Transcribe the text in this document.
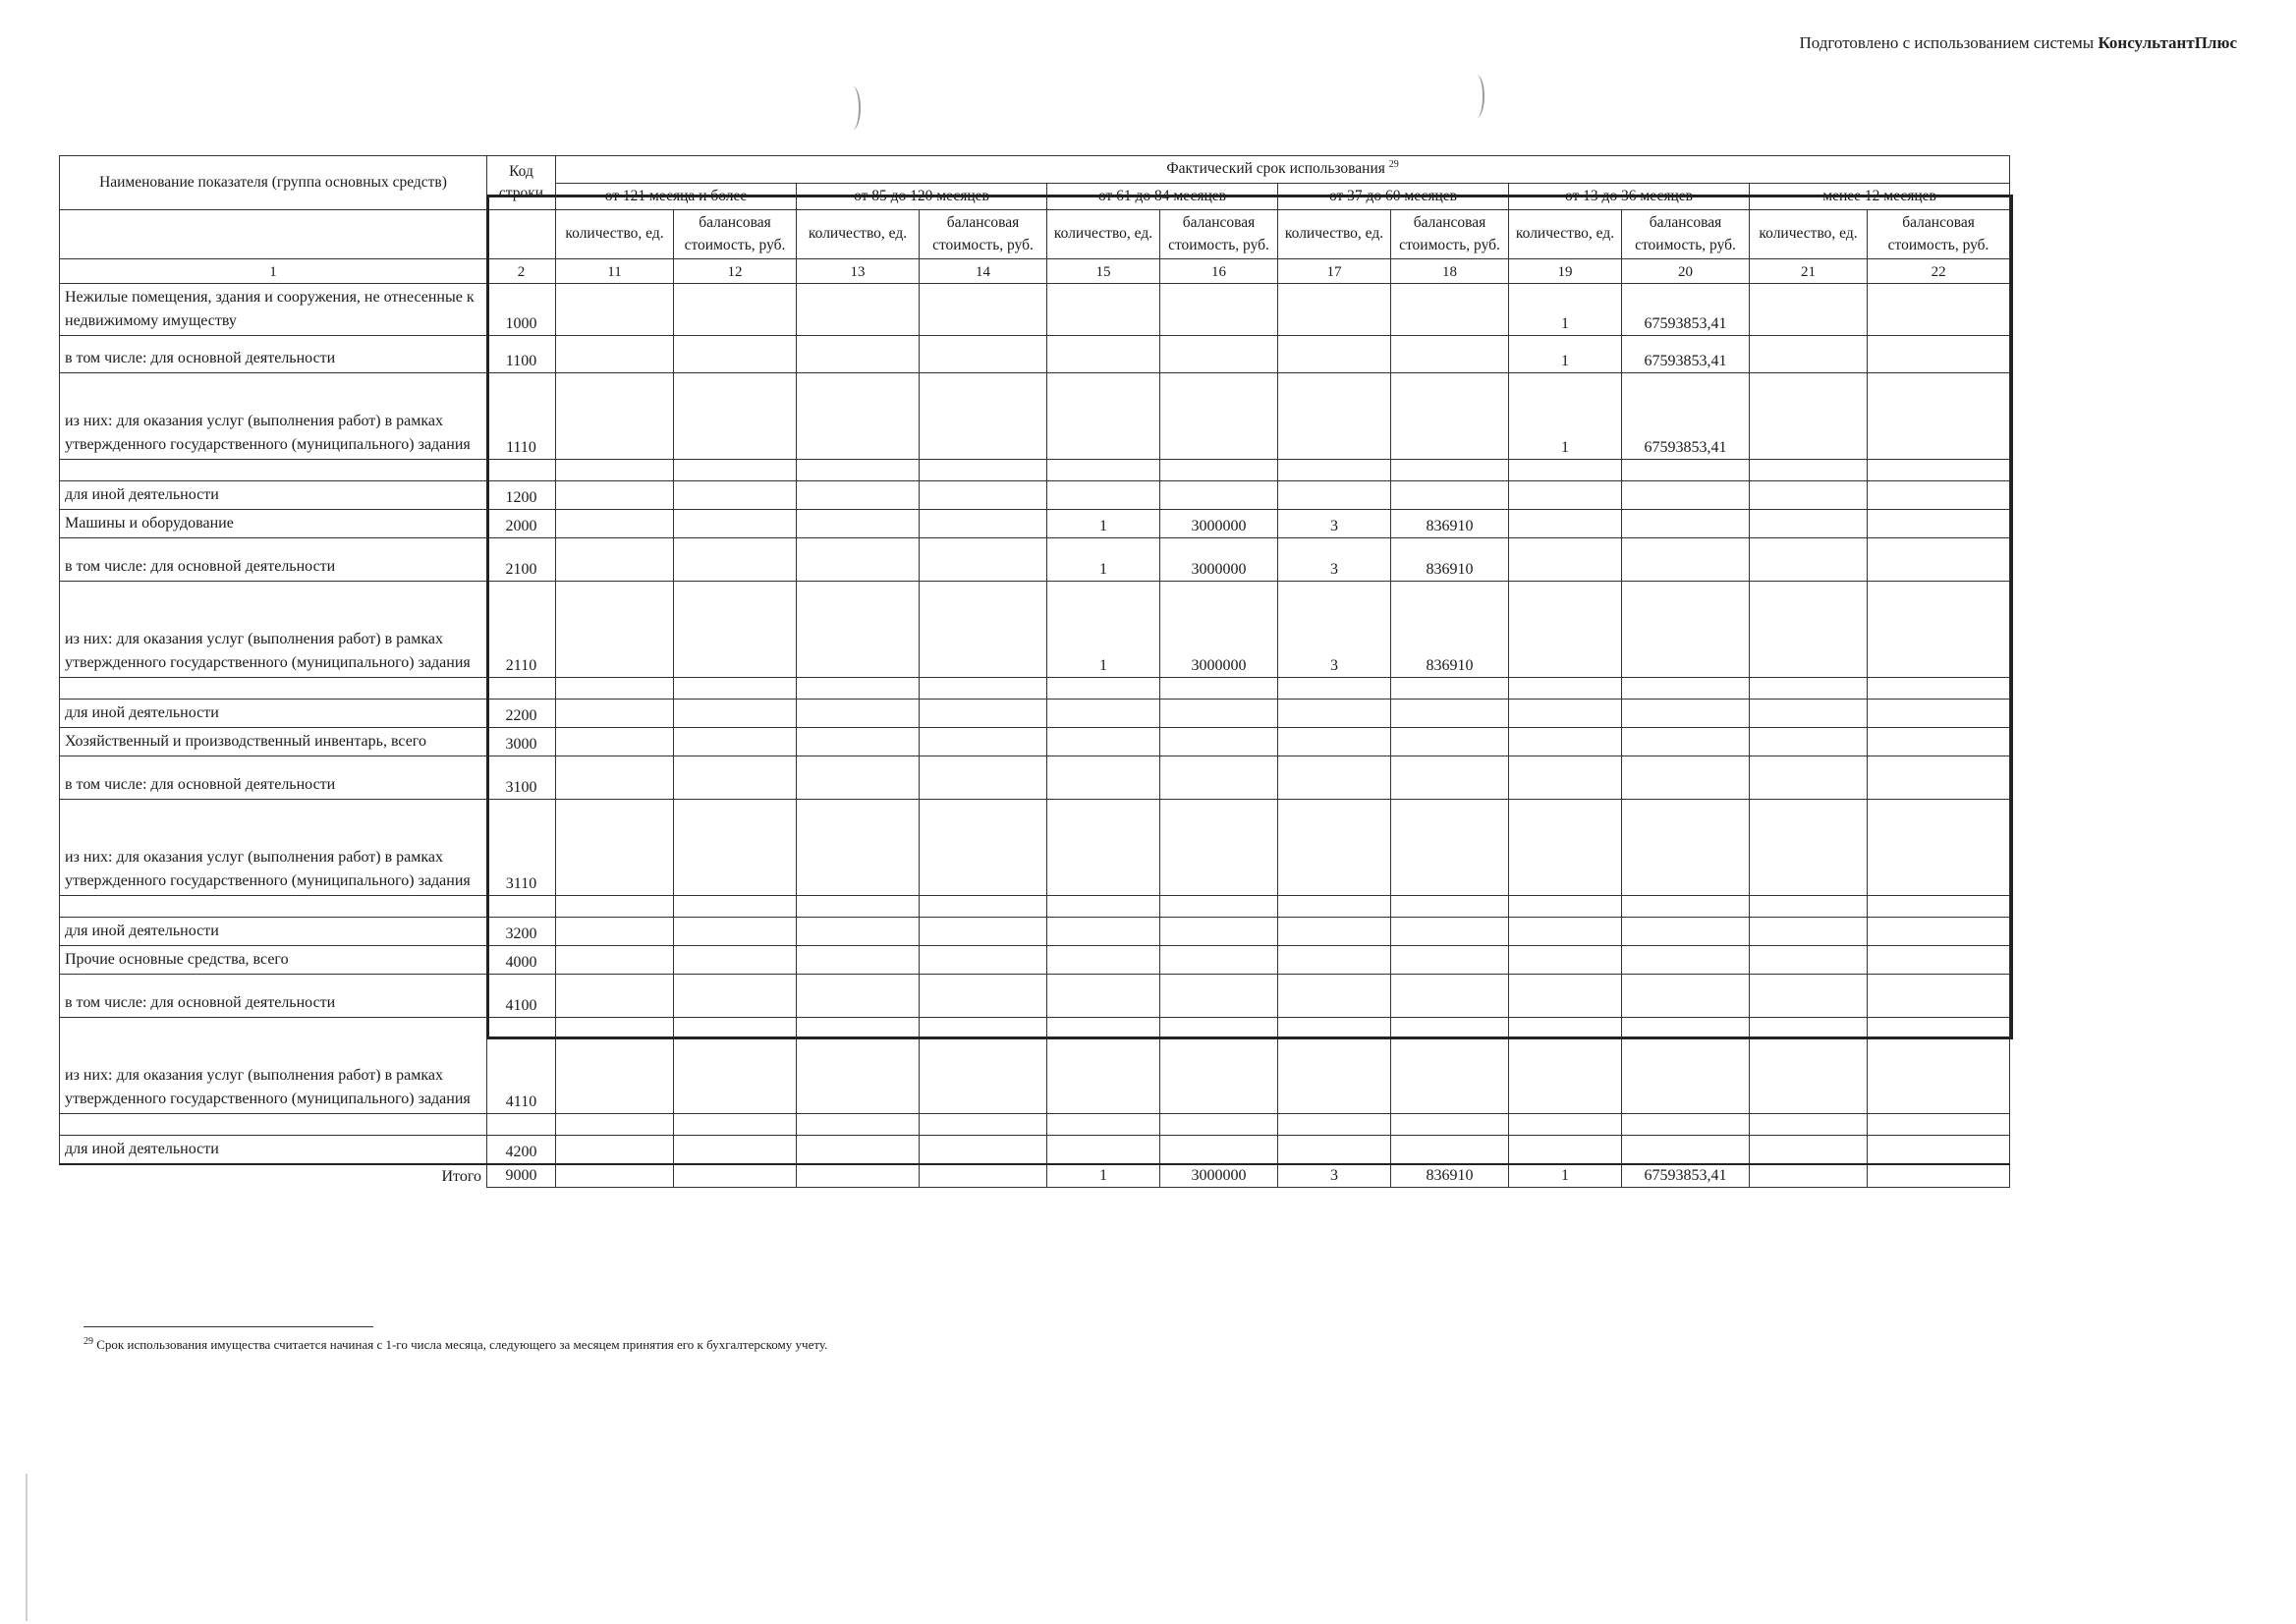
Подготовлено с использованием системы КонсультантПлюс
Наименование показателя (группа основных средств)	Код строки	Фактический срок использования $^{29}$
		от 121 месяца и более		от 85 до 120 месяцев		от 61 до 84 месяцев		от 37 до 60 месяцев		от 13 до 36 месяцев		менее 12 месяцев	
		количество, ед.	балансовая стоимость, руб.	количество, ед.	балансовая стоимость, руб.	количество, ед.	балансовая стоимость, руб.	количество, ед.	балансовая стоимость, руб.	количество, ед.	балансовая стоимость, руб.	количество, ед.	балансовая стоимость, руб.
1	2	11	12	13	14	15	16	17	18	19	20	21	22
Нежилые помещения, здания и сооружения, не отнесенные к недвижимому имуществу	1000									1	67593853,41		
в том числе: для основной деятельности	1100									1	67593853,41		
из них: для оказания услуг (выполнения работ) в рамках утвержденного государственного (муниципального) задания	1110									1	67593853,41		

для иной деятельности	1200												
Машины и оборудование	2000					1	3000000	3	836910				
в том числе: для основной деятельности	2100					1	3000000	3	836910				
из них: для оказания услуг (выполнения работ) в рамках утвержденного государственного (муниципального) задания	2110					1	3000000	3	836910				

для иной деятельности	2200												
Хозяйственный и производственный инвентарь, всего	3000												
в том числе: для основной деятельности	3100												
из них: для оказания услуг (выполнения работ) в рамках утвержденного государственного (муниципального) задания	3110												

для иной деятельности	3200												
Прочие основные средства, всего	4000												
в том числе: для основной деятельности	4100												
из них: для оказания услуг (выполнения работ) в рамках утвержденного государственного (муниципального) задания	4110												

для иной деятельности	4200												
Итого	9000					1	3000000	3	836910	1	67593853,41		
$^{29}$ Срок использования имущества считается начиная с 1-го числа месяца, следующего за месяцем принятия его к бухгалтерскому учету.
